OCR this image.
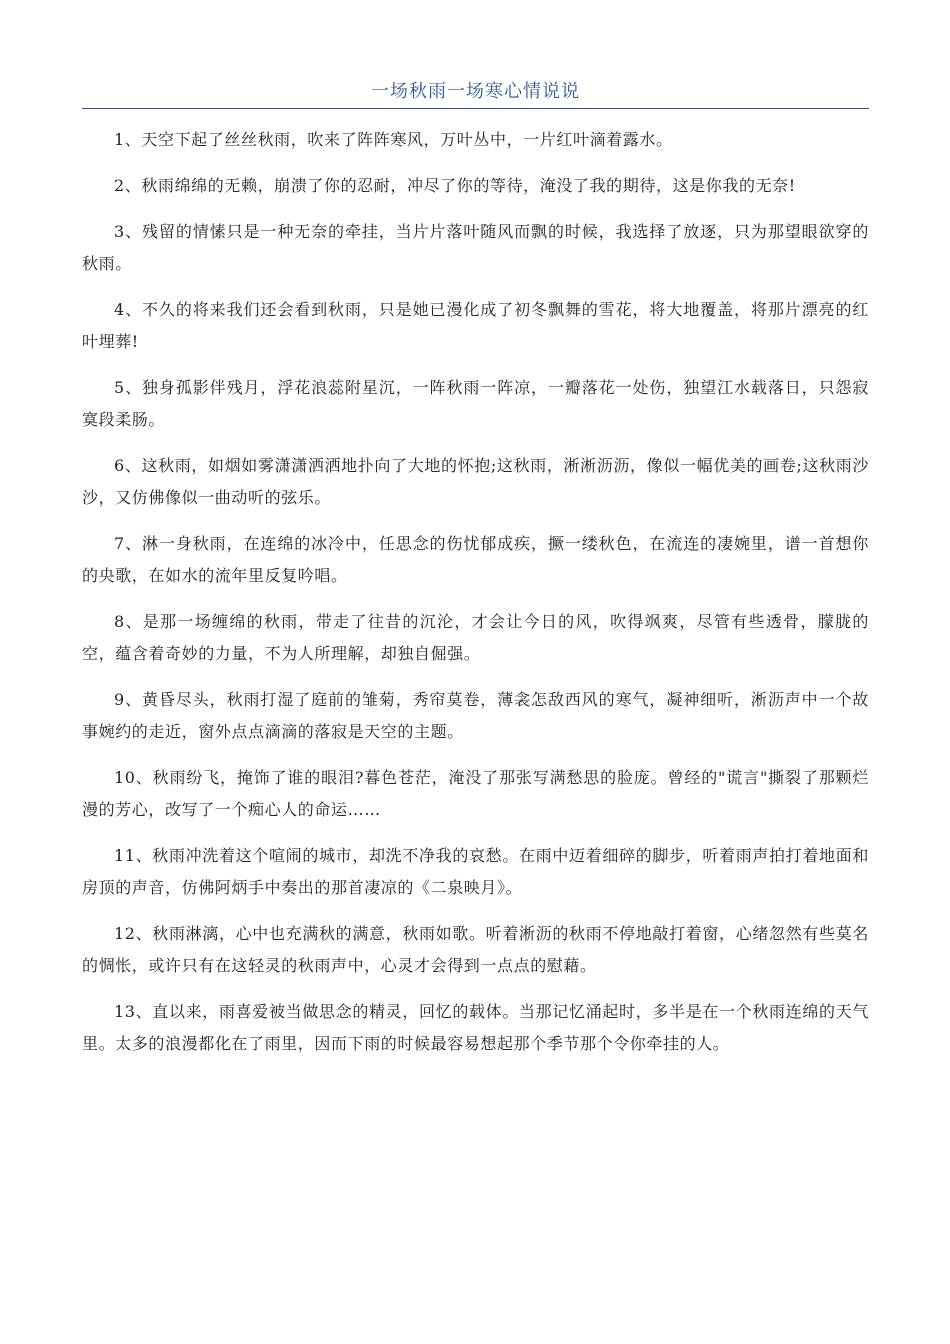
一场秋雨一场寒心情说说

1、天空下起了丝丝秋雨，吹来了阵阵寒风，万叶丛中，一片红叶滴着露水。

2、秋雨绵绵的无赖，崩溃了你的忍耐，冲尽了你的等待，淹没了我的期待，这是你我的无奈!

3、残留的情愫只是一种无奈的牵挂，当片片落叶随风而飘的时候，我选择了放逐，只为那望眼欲穿的秋雨。

4、不久的将来我们还会看到秋雨，只是她已漫化成了初冬飘舞的雪花，将大地覆盖，将那片漂亮的红叶埋葬!

5、独身孤影伴残月，浮花浪蕊附星沉，一阵秋雨一阵凉，一瓣落花一处伤，独望江水载落日，只怨寂寞段柔肠。

6、这秋雨，如烟如雾潇潇洒洒地扑向了大地的怀抱;这秋雨，淅淅沥沥，像似一幅优美的画卷;这秋雨沙沙，又仿佛像似一曲动听的弦乐。

7、淋一身秋雨，在连绵的冰冷中，任思念的伤忧郁成疾，撅一缕秋色，在流连的凄婉里，谱一首想你的央歌，在如水的流年里反复吟唱。

8、是那一场缠绵的秋雨，带走了往昔的沉沦，才会让今日的风，吹得飒爽，尽管有些透骨，朦胧的空，蕴含着奇妙的力量，不为人所理解，却独自倔强。

9、黄昏尽头，秋雨打湿了庭前的雏菊，秀帘莫卷，薄衾怎敌西风的寒气，凝神细听，淅沥声中一个故事婉约的走近，窗外点点滴滴的落寂是天空的主题。

10、秋雨纷飞，掩饰了谁的眼泪?暮色苍茫，淹没了那张写满愁思的脸庞。曾经的"谎言"撕裂了那颗烂漫的芳心，改写了一个痴心人的命运……

11、秋雨冲洗着这个喧闹的城市，却洗不净我的哀愁。在雨中迈着细碎的脚步，听着雨声拍打着地面和房顶的声音，仿佛阿炳手中奏出的那首凄凉的《二泉映月》。

12、秋雨淋漓，心中也充满秋的满意，秋雨如歌。听着淅沥的秋雨不停地敲打着窗，心绪忽然有些莫名的惆怅，或许只有在这轻灵的秋雨声中，心灵才会得到一点点的慰藉。

13、直以来，雨喜爱被当做思念的精灵，回忆的载体。当那记忆涌起时，多半是在一个秋雨连绵的天气里。太多的浪漫都化在了雨里，因而下雨的时候最容易想起那个季节那个令你牵挂的人。
